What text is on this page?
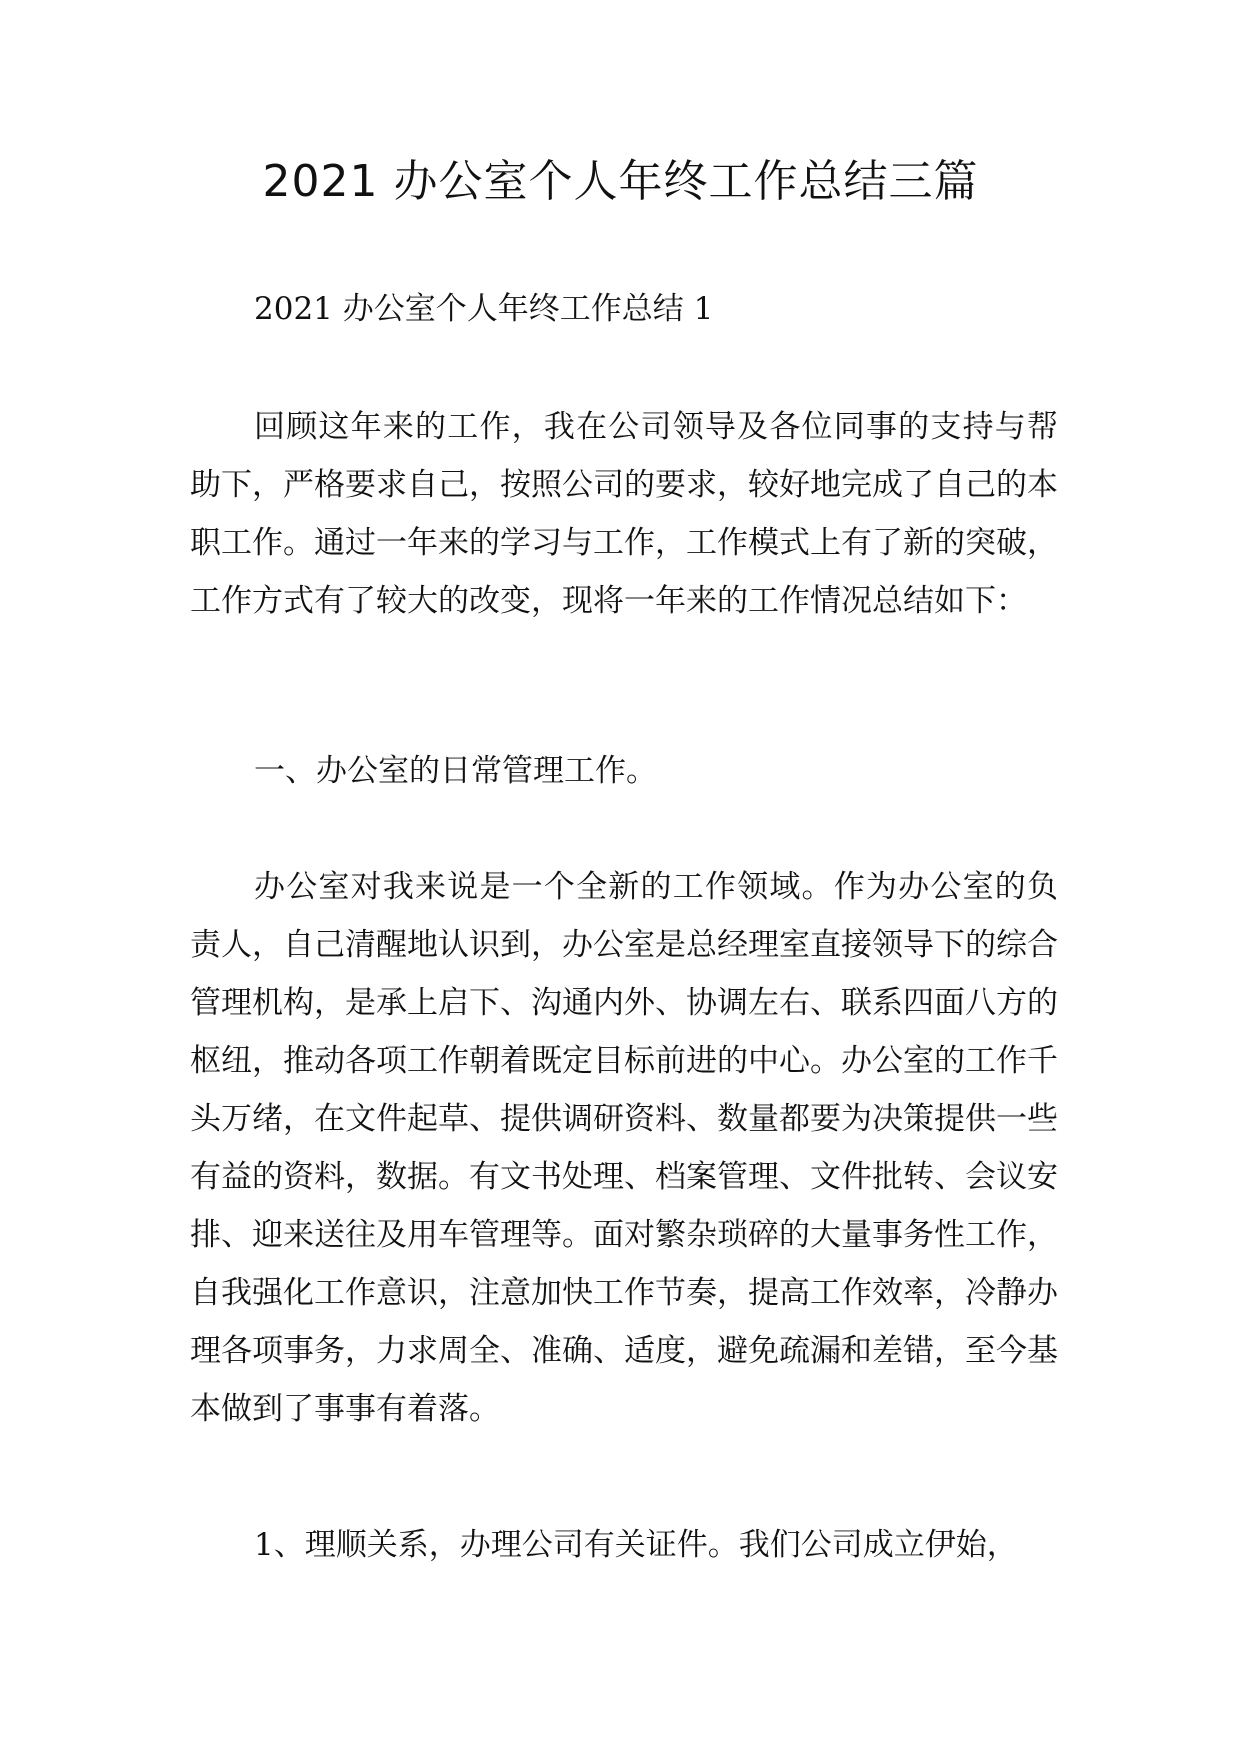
2021 办公室个人年终工作总结三篇

2021 办公室个人年终工作总结 1

回顾这年来的工作，我在公司领导及各位同事的支持与帮助下，严格要求自己，按照公司的要求，较好地完成了自己的本职工作。通过一年来的学习与工作，工作模式上有了新的突破，工作方式有了较大的改变，现将一年来的工作情况总结如下：

一、办公室的日常管理工作。

办公室对我来说是一个全新的工作领域。作为办公室的负责人，自己清醒地认识到，办公室是总经理室直接领导下的综合管理机构，是承上启下、沟通内外、协调左右、联系四面八方的枢纽，推动各项工作朝着既定目标前进的中心。办公室的工作千头万绪，在文件起草、提供调研资料、数量都要为决策提供一些有益的资料，数据。有文书处理、档案管理、文件批转、会议安排、迎来送往及用车管理等。面对繁杂琐碎的大量事务性工作，自我强化工作意识，注意加快工作节奏，提高工作效率，冷静办理各项事务，力求周全、准确、适度，避免疏漏和差错，至今基本做到了事事有着落。

1、理顺关系，办理公司有关证件。我们公司成立伊始，
